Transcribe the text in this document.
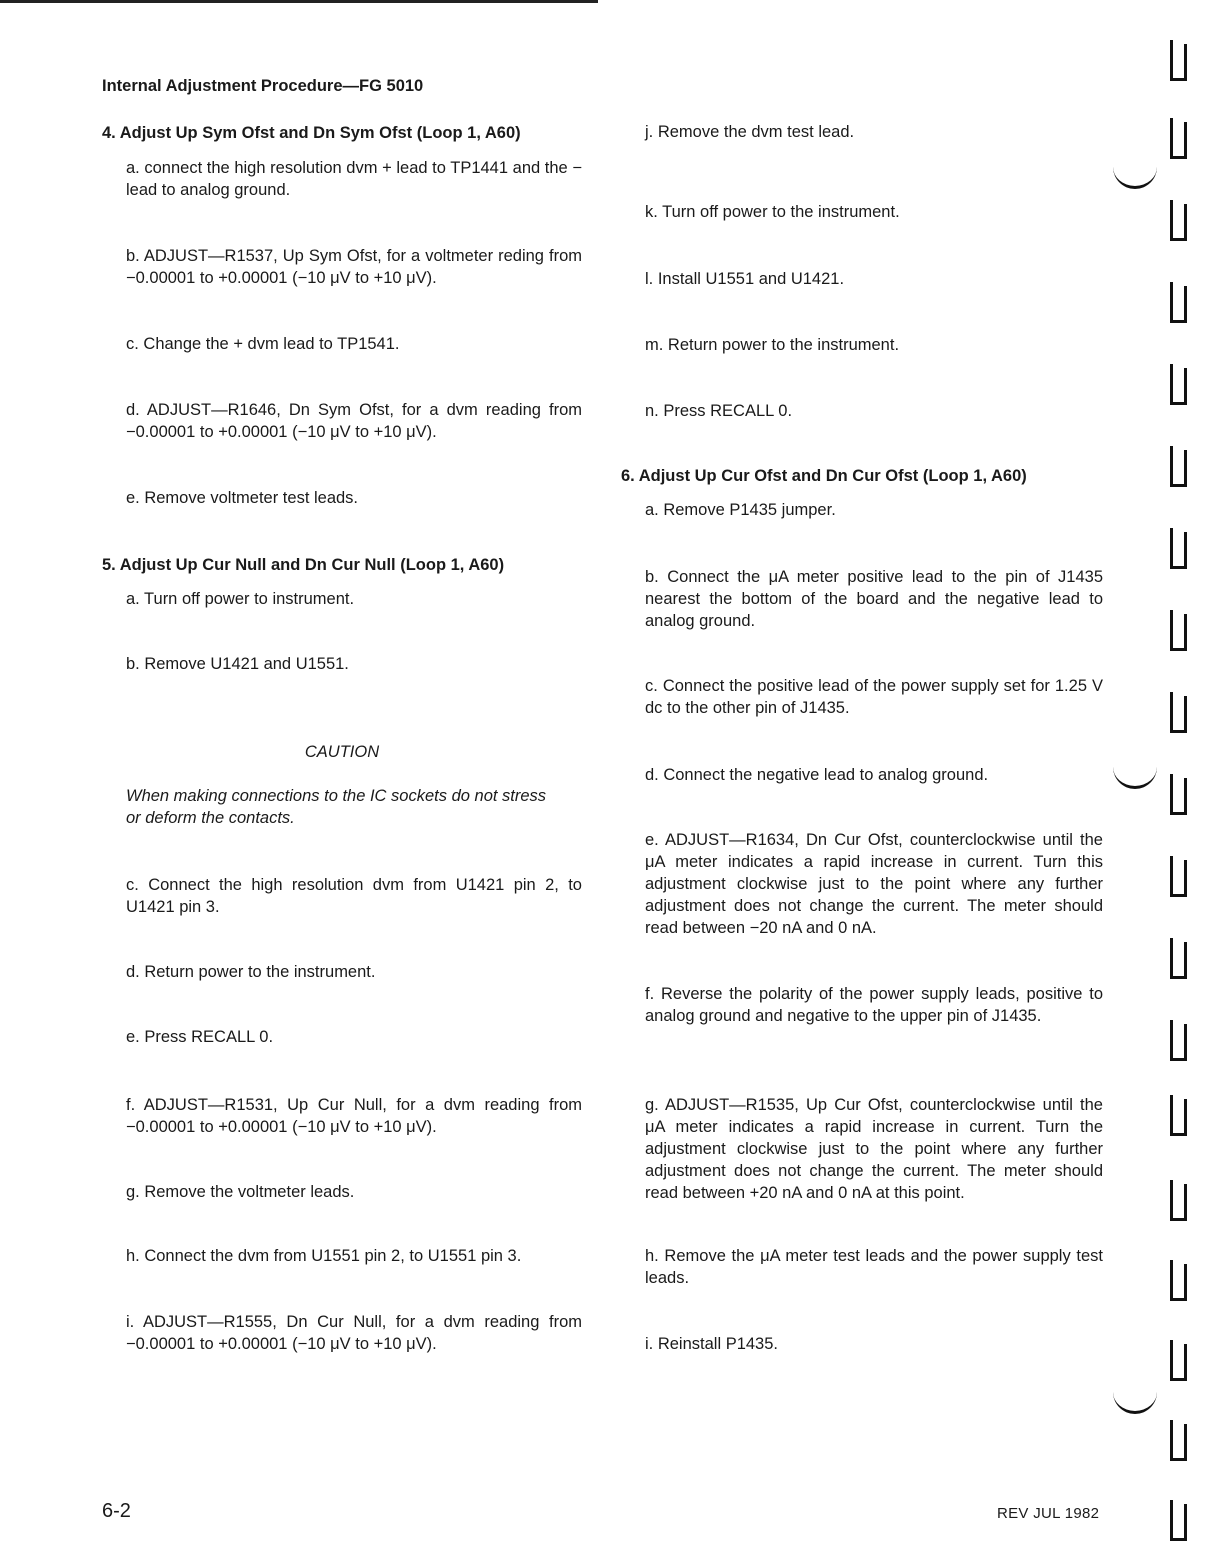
Internal Adjustment Procedure—FG 5010
4. Adjust Up Sym Ofst and Dn Sym Ofst (Loop 1, A60)
a. connect the high resolution dvm + lead to TP1441 and the − lead to analog ground.
b. ADJUST—R1537, Up Sym Ofst, for a voltmeter reding from −0.00001 to +0.00001 (−10 μV to +10 μV).
c. Change the + dvm lead to TP1541.
d. ADJUST—R1646, Dn Sym Ofst, for a dvm reading from −0.00001 to +0.00001 (−10 μV to +10 μV).
e. Remove voltmeter test leads.
5. Adjust Up Cur Null and Dn Cur Null (Loop 1, A60)
a. Turn off power to instrument.
b. Remove U1421 and U1551.
CAUTION
When making connections to the IC sockets do not stress or deform the contacts.
c. Connect the high resolution dvm from U1421 pin 2, to U1421 pin 3.
d. Return power to the instrument.
e. Press RECALL 0.
f. ADJUST—R1531, Up Cur Null, for a dvm reading from −0.00001 to +0.00001 (−10 μV to +10 μV).
g. Remove the voltmeter leads.
h. Connect the dvm from U1551 pin 2, to U1551 pin 3.
i. ADJUST—R1555, Dn Cur Null, for a dvm reading from −0.00001 to +0.00001 (−10 μV to +10 μV).
j. Remove the dvm test lead.
k. Turn off power to the instrument.
l. Install U1551 and U1421.
m. Return power to the instrument.
n. Press RECALL 0.
6. Adjust Up Cur Ofst and Dn Cur Ofst (Loop 1, A60)
a. Remove P1435 jumper.
b. Connect the μA meter positive lead to the pin of J1435 nearest the bottom of the board and the negative lead to analog ground.
c. Connect the positive lead of the power supply set for 1.25 V dc to the other pin of J1435.
d. Connect the negative lead to analog ground.
e. ADJUST—R1634, Dn Cur Ofst, counterclockwise until the μA meter indicates a rapid increase in current. Turn this adjustment clockwise just to the point where any further adjustment does not change the current. The meter should read between −20 nA and 0 nA.
f. Reverse the polarity of the power supply leads, positive to analog ground and negative to the upper pin of J1435.
g. ADJUST—R1535, Up Cur Ofst, counterclockwise until the μA meter indicates a rapid increase in current. Turn the adjustment clockwise just to the point where any further adjustment does not change the current. The meter should read between +20 nA and 0 nA at this point.
h. Remove the μA meter test leads and the power supply test leads.
i. Reinstall P1435.
6-2	REV JUL 1982
